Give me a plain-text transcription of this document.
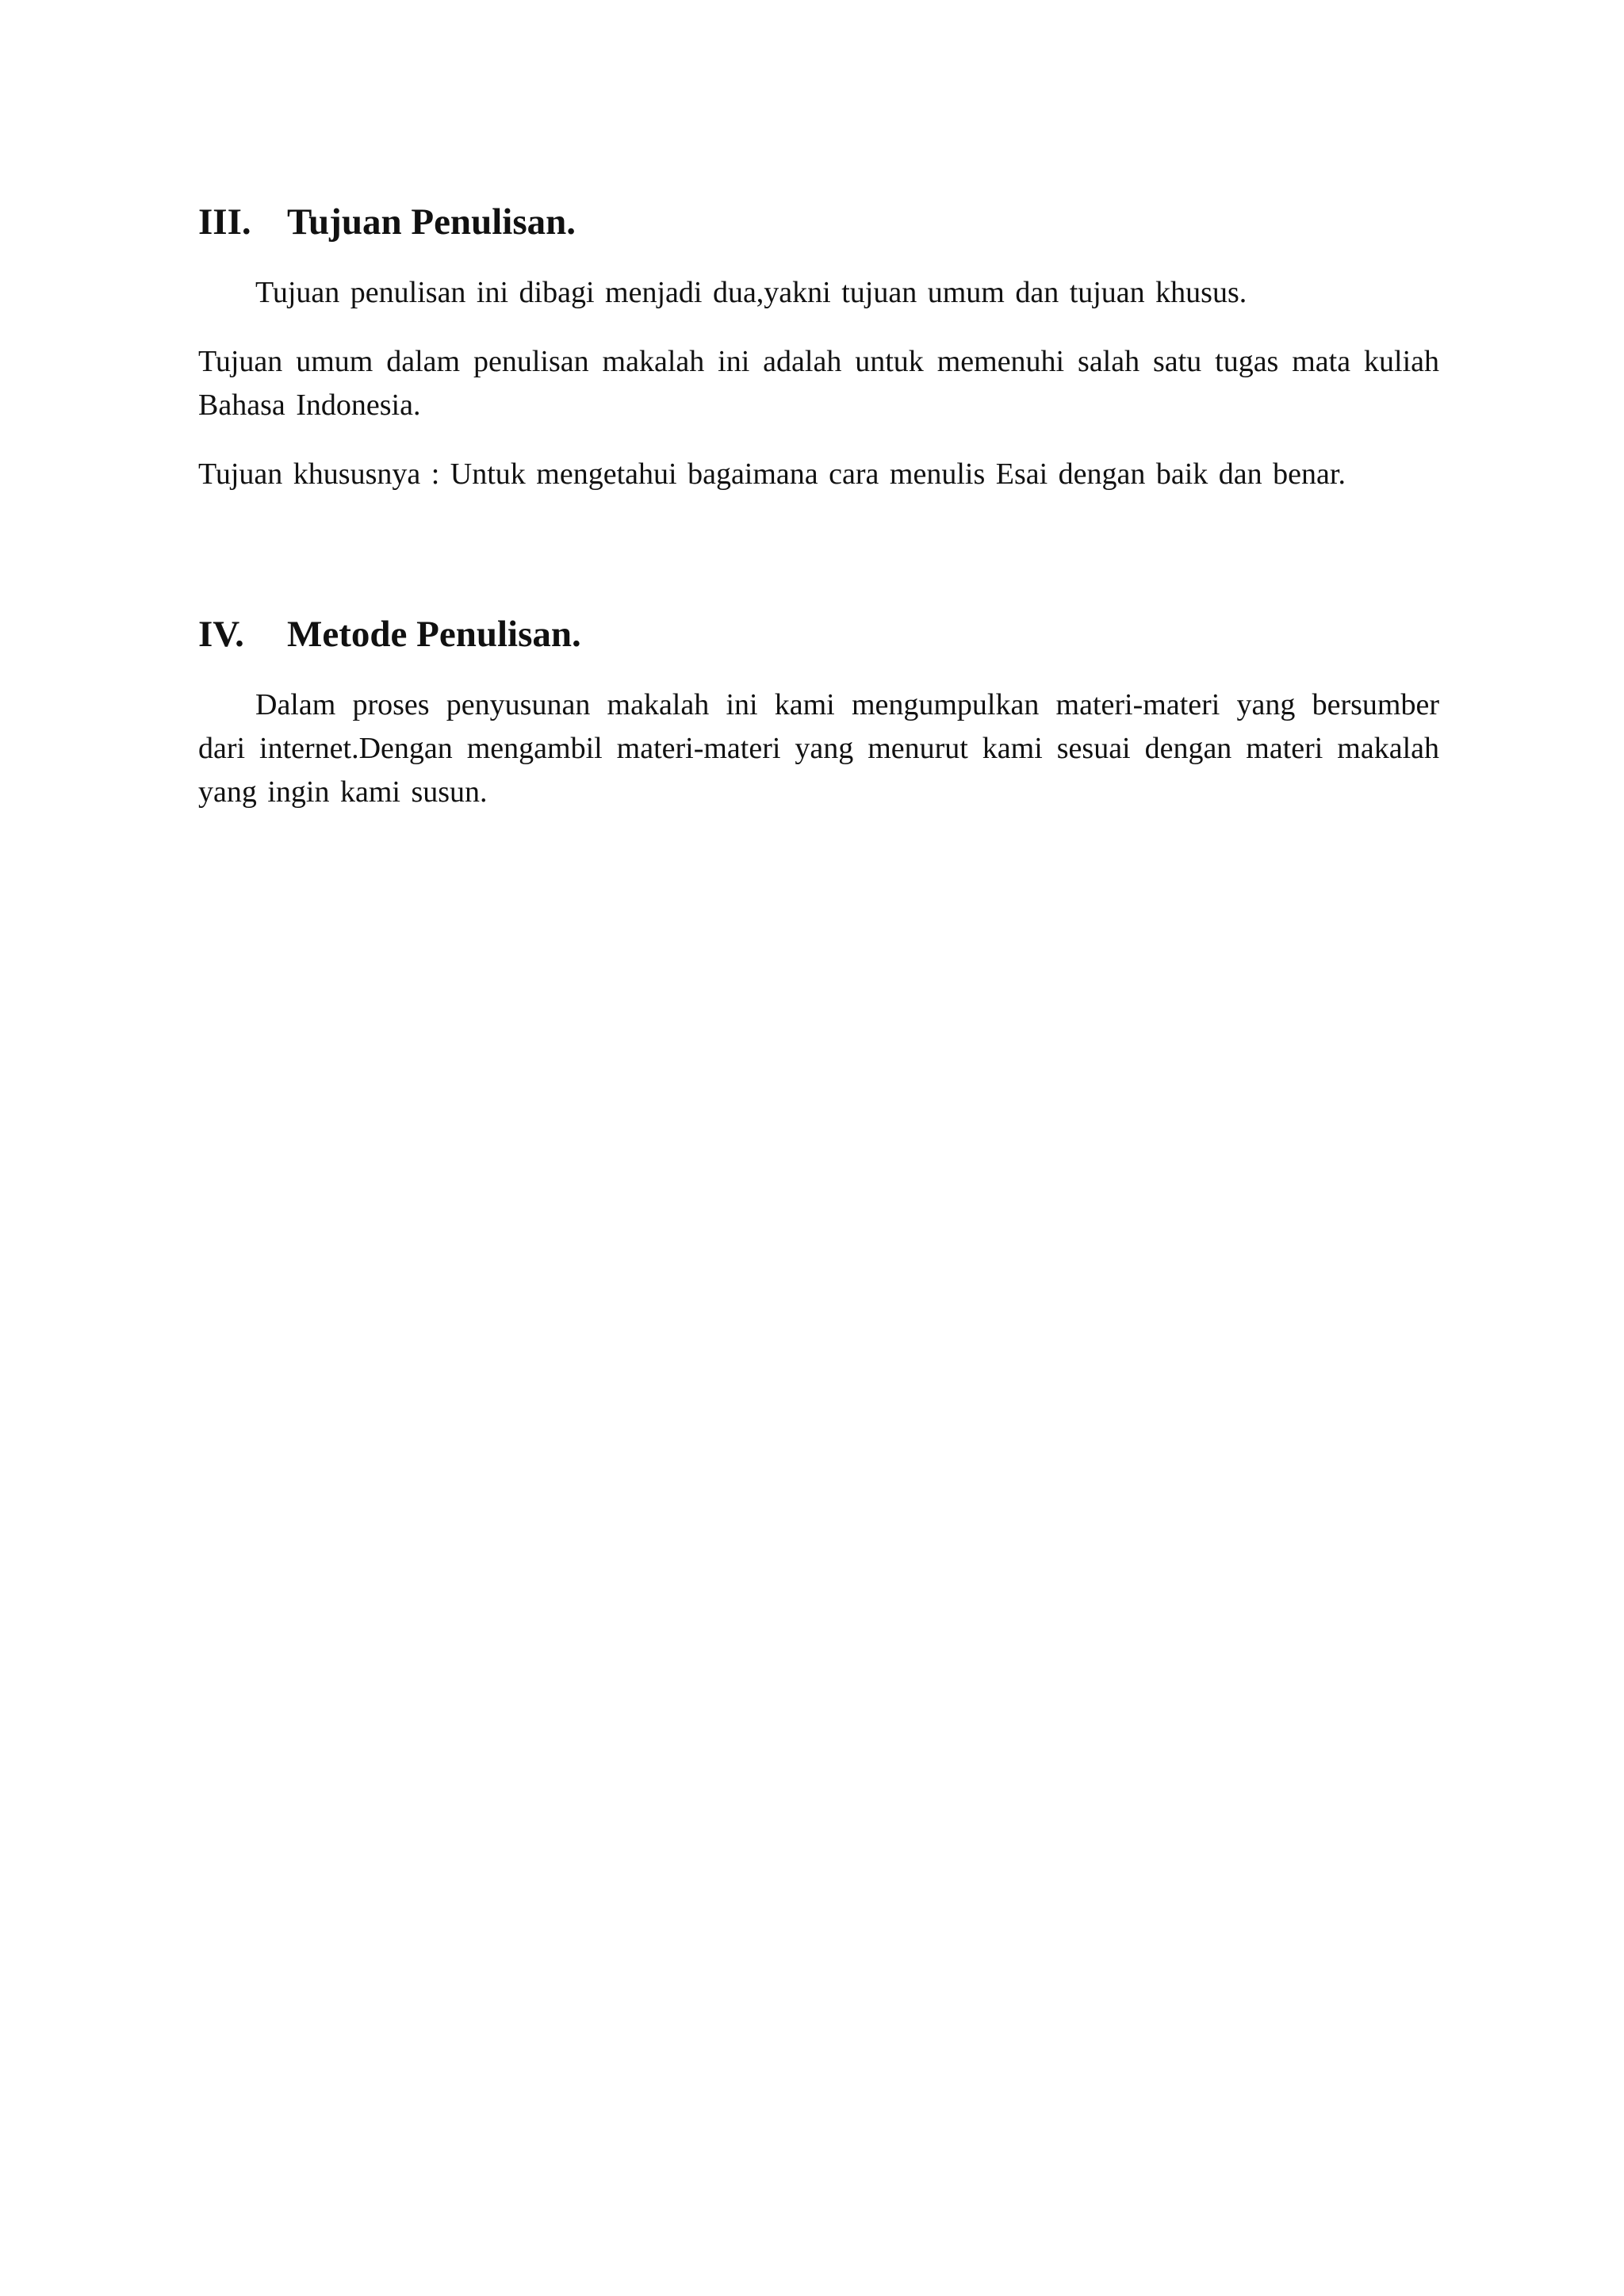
III. Tujuan Penulisan.

Tujuan penulisan ini dibagi menjadi dua,yakni tujuan umum dan tujuan khusus.

Tujuan umum dalam penulisan makalah ini adalah untuk memenuhi salah satu tugas mata kuliah Bahasa Indonesia.

Tujuan khususnya : Untuk mengetahui bagaimana cara menulis Esai dengan baik dan benar.

IV.	Metode Penulisan.

Dalam proses penyusunan makalah ini kami mengumpulkan materi-materi yang bersumber dari internet.Dengan mengambil materi-materi yang menurut kami sesuai dengan materi makalah yang ingin kami susun.
